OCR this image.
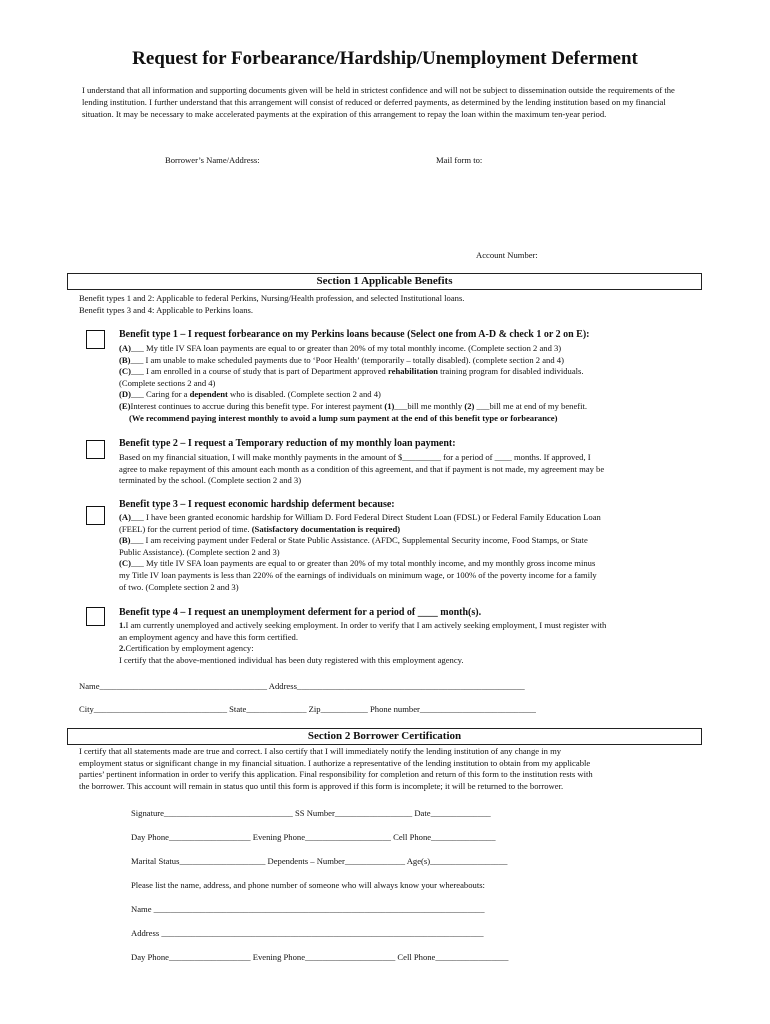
Request for Forbearance/Hardship/Unemployment Deferment
I understand that all information and supporting documents given will be held in strictest confidence and will not be subject to dissemination outside the requirements of the lending institution. I further understand that this arrangement will consist of reduced or deferred payments, as determined by the lending institution based on my financial situation. It may be necessary to make accelerated payments at the expiration of this arrangement to repay the loan within the maximum ten-year period.
Borrower’s Name/Address:	Mail form to:
Account Number:
Section 1 Applicable Benefits
Benefit types 1 and 2: Applicable to federal Perkins, Nursing/Health profession, and selected Institutional loans.
Benefit types 3 and 4: Applicable to Perkins loans.
Benefit type 1 – I request forbearance on my Perkins loans because (Select one from A-D & check 1 or 2 on E):
(A)___ My title IV SFA loan payments are equal to or greater than 20% of my total monthly income. (Complete section 2 and 3)
(B)___ I am unable to make scheduled payments due to ‘Poor Health’ (temporarily – totally disabled). (complete section 2 and 4)
(C)___ I am enrolled in a course of study that is part of Department approved rehabilitation training program for disabled individuals.
(Complete sections 2 and 4)
(D)___ Caring for a dependent who is disabled. (Complete section 2 and 4)
(E)Interest continues to accrue during this benefit type. For interest payment (1)___bill me monthly (2) ___bill me at end of my benefit.
(We recommend paying interest monthly to avoid a lump sum payment at the end of this benefit type or forbearance)
Benefit type 2 – I request a Temporary reduction of my monthly loan payment:
Based on my financial situation, I will make monthly payments in the amount of $_________ for a period of ____ months. If approved, I
agree to make repayment of this amount each month as a condition of this agreement, and that if payment is not made, my agreement may be
terminated by the school. (Complete section 2 and 3)
Benefit type 3 – I request economic hardship deferment because:
(A)___ I have been granted economic hardship for William D. Ford Federal Direct Student Loan (FDSL) or Federal Family Education Loan
(FEEL) for the current period of time. (Satisfactory documentation is required)
(B)___ I am receiving payment under Federal or State Public Assistance. (AFDC, Supplemental Security income, Food Stamps, or State
Public Assistance). (Complete section 2 and 3)
(C)___ My title IV SFA loan payments are equal to or greater than 20% of my total monthly income, and my monthly gross income minus
my Title IV loan payments is less than 220% of the earnings of individuals on minimum wage, or 100% of the poverty income for a family
of two. (Complete section 2 and 3)
Benefit type 4 – I request an unemployment deferment for a period of ____ month(s).
1.I am currently unemployed and actively seeking employment. In order to verify that I am actively seeking employment, I must register with
an employment agency and have this form certified.
2.Certification by employment agency:
I certify that the above-mentioned individual has been duty registered with this employment agency.
Name_______________________________________ Address_____________________________________________________
City_______________________________ State______________ Zip___________ Phone number___________________________
Section 2 Borrower Certification
I certify that all statements made are true and correct. I also certify that I will immediately notify the lending institution of any change in my
employment status or significant change in my financial situation. I authorize a representative of the lending institution to obtain from my applicable
parties’ pertinent information in order to verify this application. Final responsibility for completion and return of this form to the institution rests with
the borrower. This account will remain in status quo until this form is approved if this form is incomplete; it will be returned to the borrower.
Signature______________________________ SS Number__________________ Date______________
Day Phone___________________ Evening Phone____________________ Cell Phone_______________
Marital Status____________________ Dependents – Number______________ Age(s)__________________
Please list the name, address, and phone number of someone who will always know your whereabouts:
Name _____________________________________________________________________________
Address ___________________________________________________________________________
Day Phone___________________ Evening Phone_____________________ Cell Phone_________________
